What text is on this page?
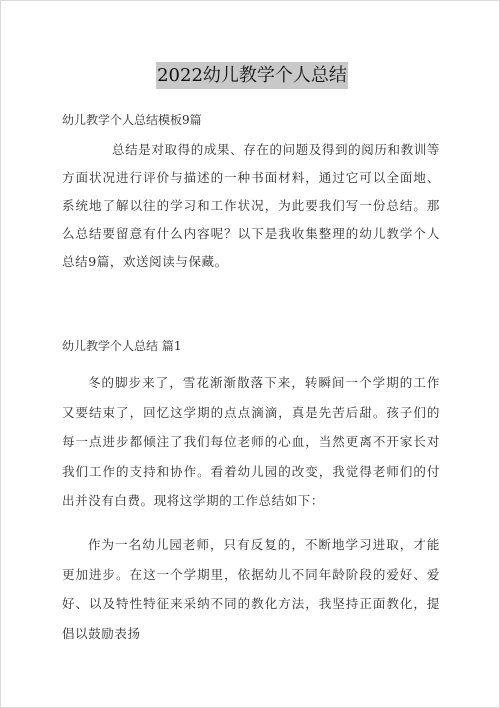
2022幼儿教学个人总结
幼儿教学个人总结模板9篇

总结是对取得的成果、存在的问题及得到的阅历和教训等方面状况进行评价与描述的一种书面材料，通过它可以全面地、系统地了解以往的学习和工作状况，为此要我们写一份总结。那么总结要留意有什么内容呢？以下是我收集整理的幼儿教学个人总结9篇，欢送阅读与保藏。

幼儿教学个人总结 篇1

冬的脚步来了，雪花渐渐散落下来，转瞬间一个学期的工作又要结束了，回忆这学期的点点滴滴，真是先苦后甜。孩子们的每一点进步都倾注了我们每位老师的心血，当然更离不开家长对我们工作的支持和协作。看着幼儿园的改变，我觉得老师们的付出并没有白费。现将这学期的工作总结如下：

作为一名幼儿园老师，只有反复的，不断地学习进取，才能更加进步。在这一个学期里，依据幼儿不同年龄阶段的爱好、爱好、以及特性特征来采纳不同的教化方法，我坚持正面教化，提倡以鼓励表扬
